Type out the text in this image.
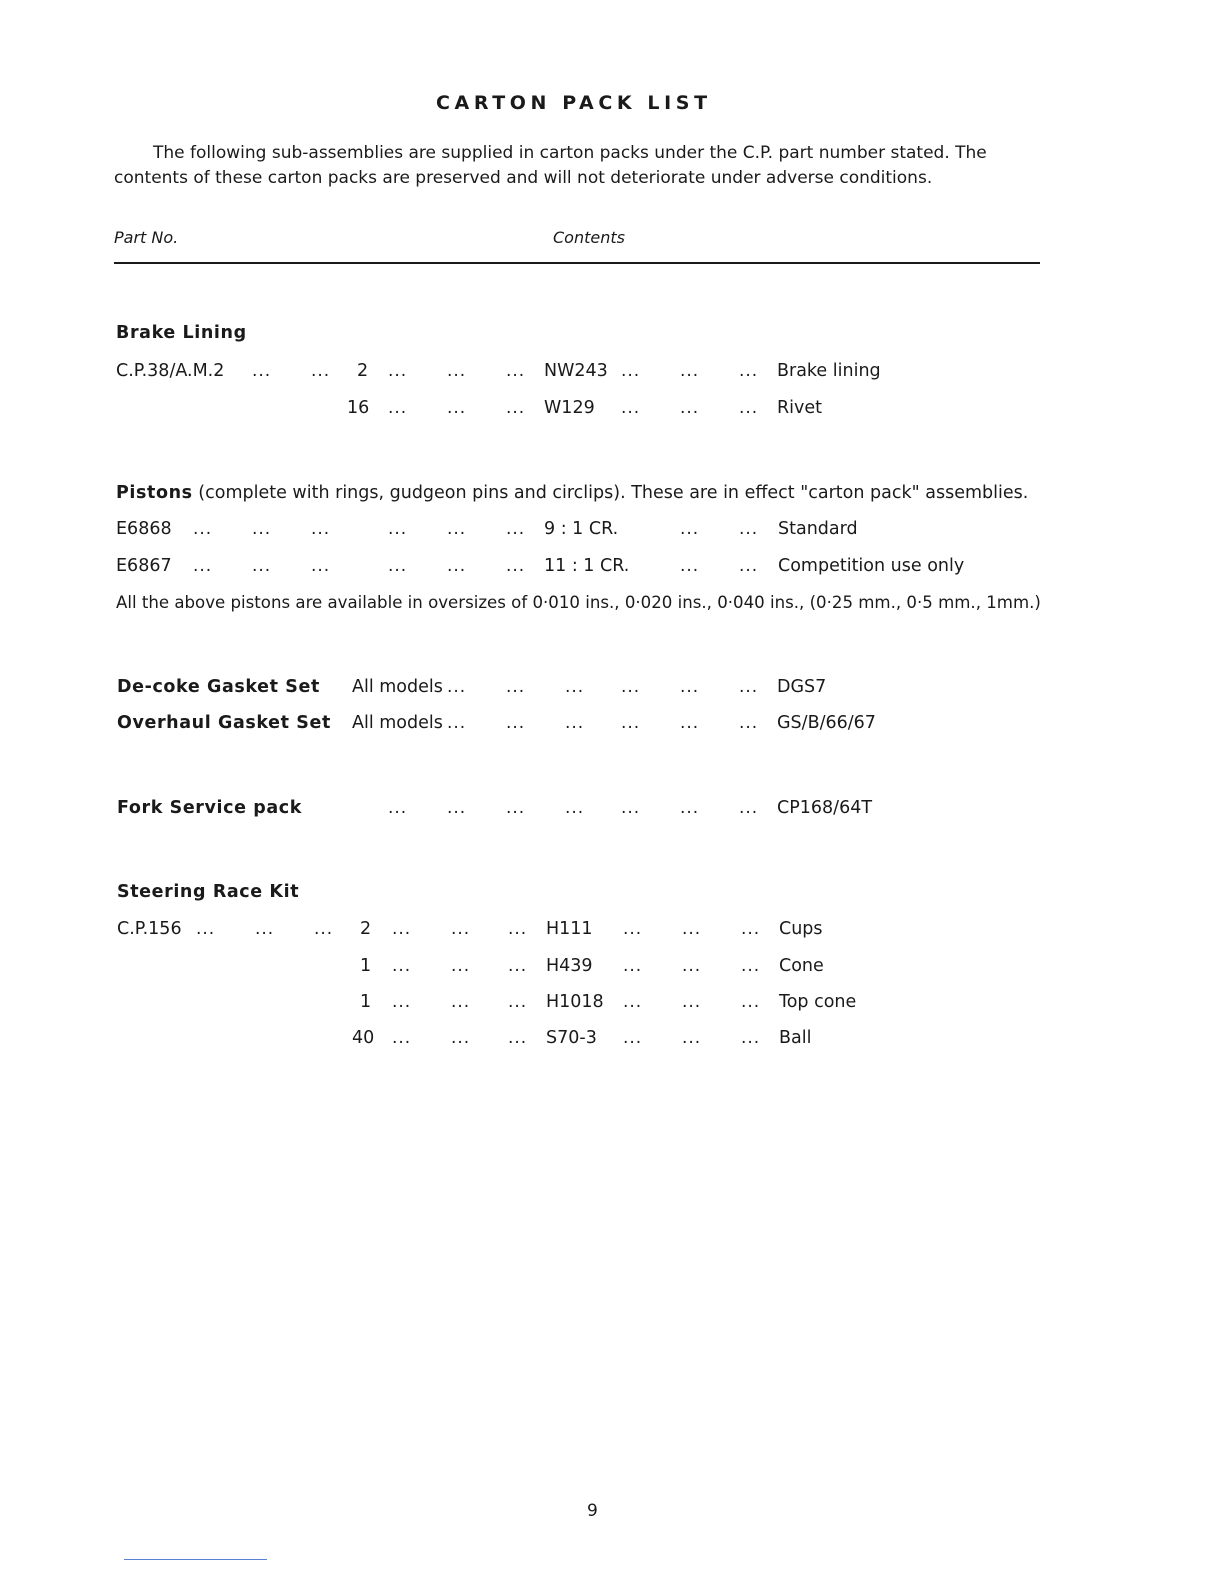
CARTON PACK LIST
The following sub-assemblies are supplied in carton packs under the C.P. part number stated. The
contents of these carton packs are preserved and will not deteriorate under adverse conditions.
Part No.	Contents
Brake Lining
C.P.38/A.M.2 ... ... 2 ... ... ... NW243 ... ... ... Brake lining
16 ... ... ... W129 ... ... ... Rivet
Pistons (complete with rings, gudgeon pins and circlips). These are in effect "carton pack" assemblies.
E6868 ... ... ...	... ... ... 9 : 1 CR.	... ... Standard
E6867 ... ... ...	... ... ... 11 : 1 CR.	... ... Competition use only
All the above pistons are available in oversizes of 0·010 ins., 0·020 ins., 0·040 ins., (0·25 mm., 0·5 mm., 1mm.)
De-coke Gasket Set All models ... ... ... ... ... ... DGS7
Overhaul Gasket Set All models ... ... ... ... ... ... GS/B/66/67
Fork Service pack	... ... ... ... ... ... ... CP168/64T
Steering Race Kit
C.P.156 ... ... ... 2 ... ... ... H111 ... ... ... Cups
1 ... ... ... H439 ... ... ... Cone
1 ... ... ... H1018 ... ... ... Top cone
40 ... ... ... S70-3 ... ... ... Ball
9
